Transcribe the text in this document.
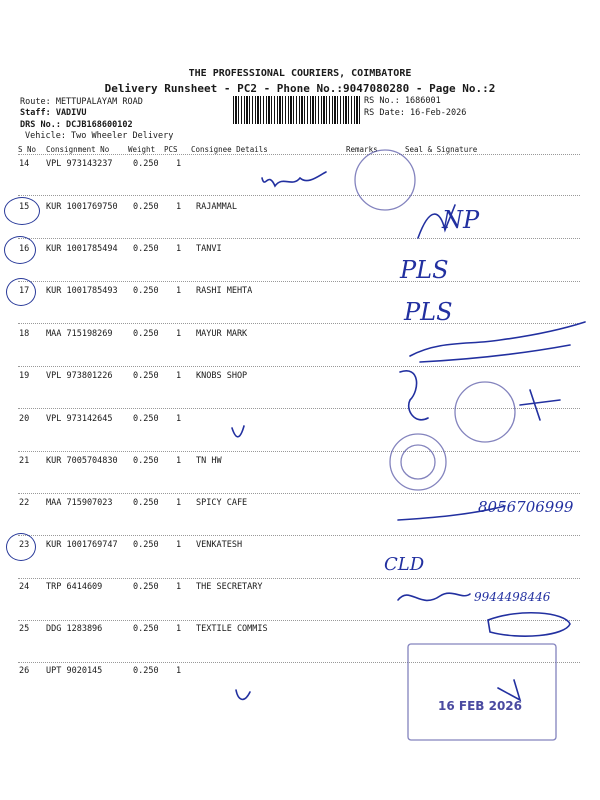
THE PROFESSIONAL COURIERS, COIMBATORE
Delivery Runsheet - PC2 - Phone No.:9047080280 - Page No.:2
Route: METTUPALAYAM ROAD
Staff: VADIVU
DRS No.: DCJB168600102
Vehicle: Two Wheeler Delivery
RS No.: 1686001
RS Date: 16-Feb-2026
S No Consignment No	Weight PCS Consignee Details	Remarks	Seal & Signature
14 VPL 973143237 0.250 1
15 KUR 1001769750 0.250 1 RAJAMMAL
16 KUR 1001785494 0.250 1 TANVI
17 KUR 1001785493 0.250 1 RASHI MEHTA
18 MAA 715198269 0.250 1 MAYUR MARK
19 VPL 973801226 0.250 1 KNOBS SHOP
20 VPL 973142645 0.250 1
21 KUR 7005704830 0.250 1 TN HW
22 MAA 715907023 0.250 1 SPICY CAFE
23 KUR 1001769747 0.250 1 VENKATESH
24 TRP 6414609	0.250 1 THE SECRETARY
25 DDG 1283896	0.250 1 TEXTILE COMMIS
26 UPT 9020145	0.250 1
NP
PLS
PLS
8056706999
CLD
9944498446
16 FEB 2026
